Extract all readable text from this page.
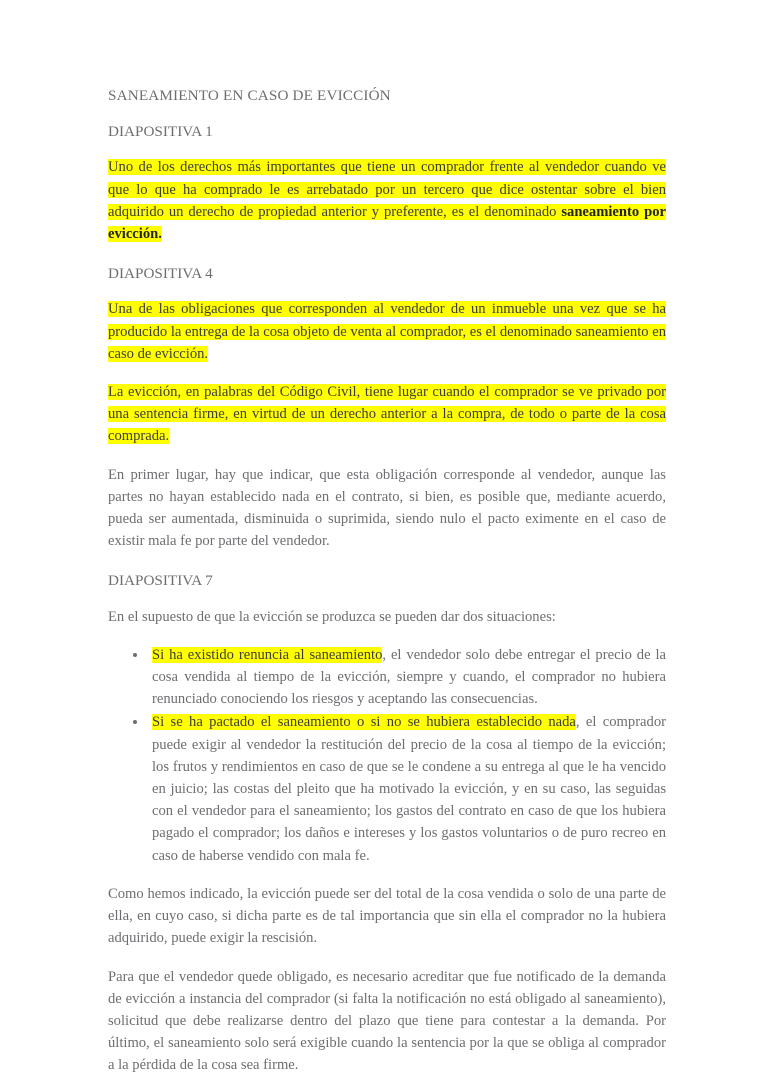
SANEAMIENTO EN CASO DE EVICCIÓN
DIAPOSITIVA 1

Uno de los derechos más importantes que tiene un comprador frente al vendedor cuando ve que lo que ha comprado le es arrebatado por un tercero que dice ostentar sobre el bien adquirido un derecho de propiedad anterior y preferente, es el denominado saneamiento por evicción.

DIAPOSITIVA 4

Una de las obligaciones que corresponden al vendedor de un inmueble una vez que se ha producido la entrega de la cosa objeto de venta al comprador, es el denominado saneamiento en caso de evicción.

La evicción, en palabras del Código Civil, tiene lugar cuando el comprador se ve privado por una sentencia firme, en virtud de un derecho anterior a la compra, de todo o parte de la cosa comprada.

En primer lugar, hay que indicar, que esta obligación corresponde al vendedor, aunque las partes no hayan establecido nada en el contrato, si bien, es posible que, mediante acuerdo, pueda ser aumentada, disminuida o suprimida, siendo nulo el pacto eximente en el caso de existir mala fe por parte del vendedor.

DIAPOSITIVA 7

En el supuesto de que la evicción se produzca se pueden dar dos situaciones:

Si ha existido renuncia al saneamiento, el vendedor solo debe entregar el precio de la cosa vendida al tiempo de la evicción, siempre y cuando, el comprador no hubiera renunciado conociendo los riesgos y aceptando las consecuencias.
Si se ha pactado el saneamiento o si no se hubiera establecido nada, el comprador puede exigir al vendedor la restitución del precio de la cosa al tiempo de la evicción; los frutos y rendimientos en caso de que se le condene a su entrega al que le ha vencido en juicio; las costas del pleito que ha motivado la evicción, y en su caso, las seguidas con el vendedor para el saneamiento; los gastos del contrato en caso de que los hubiera pagado el comprador; los daños e intereses y los gastos voluntarios o de puro recreo en caso de haberse vendido con mala fe.

Como hemos indicado, la evicción puede ser del total de la cosa vendida o solo de una parte de ella, en cuyo caso, si dicha parte es de tal importancia que sin ella el comprador no la hubiera adquirido, puede exigir la rescisión.

Para que el vendedor quede obligado, es necesario acreditar que fue notificado de la demanda de evicción a instancia del comprador (si falta la notificación no está obligado al saneamiento), solicitud que debe realizarse dentro del plazo que tiene para contestar a la demanda. Por último, el saneamiento solo será exigible cuando la sentencia por la que se obliga al comprador a la pérdida de la cosa sea firme.
